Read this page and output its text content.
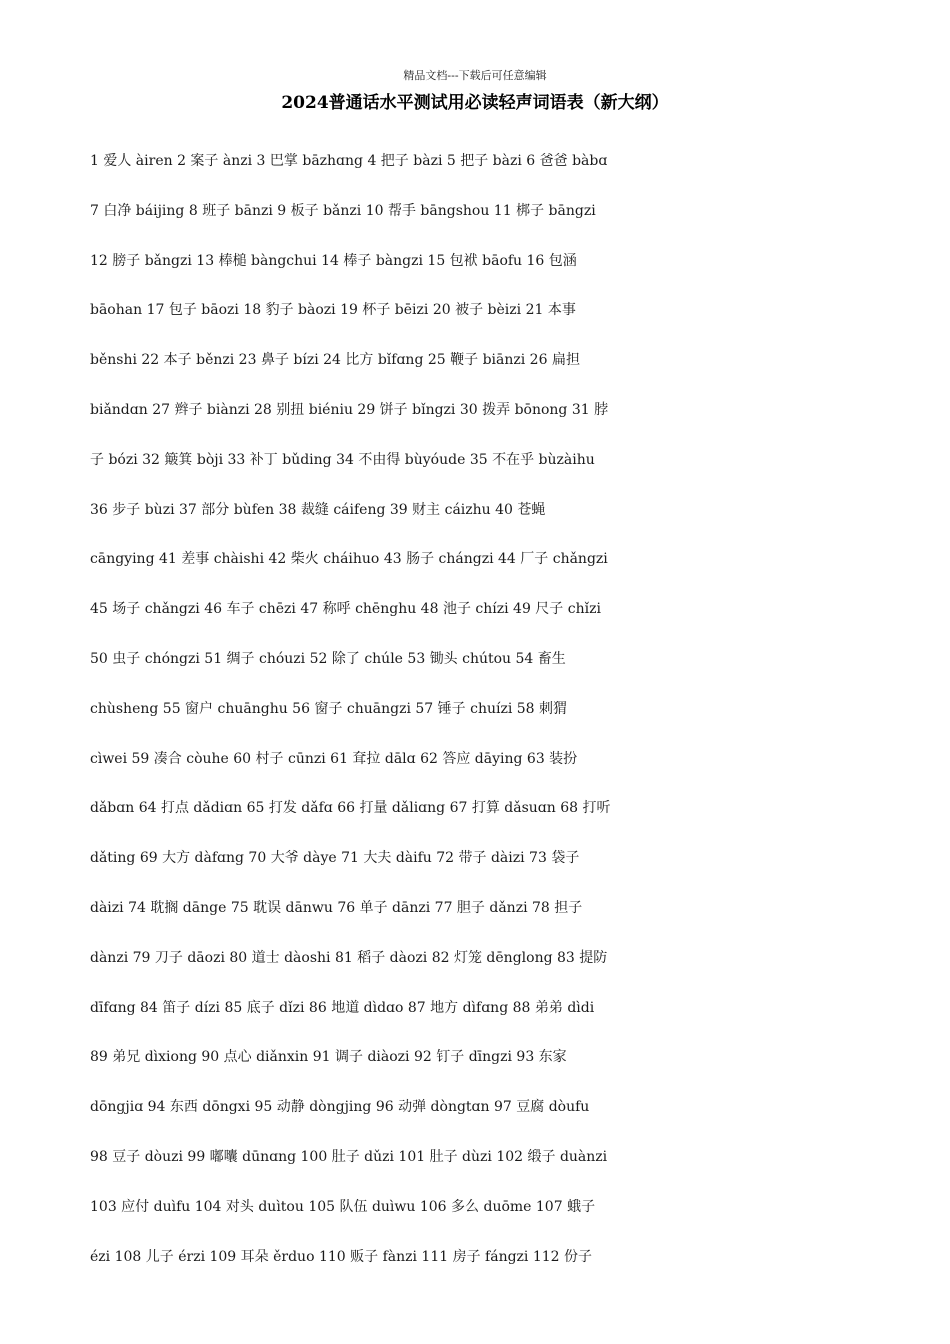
精品文档---下载后可任意编辑
2024普通话水平测试用必读轻声词语表（新大纲）
1 爱人 àiren 2 案子 ànzi 3 巴掌 bāzhɑng 4 把子 bàzi 5 把子 bàzi 6 爸爸 bàbɑ
7 白净 báijing 8 班子 bānzi 9 板子 bǎnzi 10 帮手 bāngshou 11 梆子 bāngzi
12 膀子 bǎngzi 13 棒槌 bàngchui 14 棒子 bàngzi 15 包袱 bāofu 16 包涵
bāohan 17 包子 bāozi 18 豹子 bàozi 19 杯子 bēizi 20 被子 bèizi 21 本事
běnshi 22 本子 běnzi 23 鼻子 bízi 24 比方 bǐfɑng 25 鞭子 biānzi 26 扁担
biǎndɑn 27 辫子 biànzi 28 别扭 biéniu 29 饼子 bǐngzi 30 拨弄 bōnong 31 脖
子 bózi 32 簸箕 bòji 33 补丁 bǔding 34 不由得 bùyóude 35 不在乎 bùzàihu
36 步子 bùzi 37 部分 bùfen 38 裁缝 cáifeng 39 财主 cáizhu 40 苍蝇
cāngying 41 差事 chàishi 42 柴火 cháihuo 43 肠子 chángzi 44 厂子 chǎngzi
45 场子 chǎngzi 46 车子 chēzi 47 称呼 chēnghu 48 池子 chízi 49 尺子 chǐzi
50 虫子 chóngzi 51 绸子 chóuzi 52 除了 chúle 53 锄头 chútou 54 畜生
chùsheng 55 窗户 chuānghu 56 窗子 chuāngzi 57 锤子 chuízi 58 刺猬
cìwei 59 凑合 còuhe 60 村子 cūnzi 61 耷拉 dālɑ 62 答应 dāying 63 装扮
dǎbɑn 64 打点 dǎdiɑn 65 打发 dǎfɑ 66 打量 dǎliɑng 67 打算 dǎsuɑn 68 打听
dǎting 69 大方 dàfɑng 70 大爷 dàye 71 大夫 dàifu 72 带子 dàizi 73 袋子
dàizi 74 耽搁 dānge 75 耽误 dānwu 76 单子 dānzi 77 胆子 dǎnzi 78 担子
dànzi 79 刀子 dāozi 80 道士 dàoshi 81 稻子 dàozi 82 灯笼 dēnglong 83 提防
dīfɑng 84 笛子 dízi 85 底子 dǐzi 86 地道 dìdɑo 87 地方 dìfɑng 88 弟弟 dìdi
89 弟兄 dìxiong 90 点心 diǎnxin 91 调子 diàozi 92 钉子 dīngzi 93 东家
dōngjiɑ 94 东西 dōngxi 95 动静 dòngjing 96 动弹 dòngtɑn 97 豆腐 dòufu
98 豆子 dòuzi 99 嘟囔 dūnɑng 100 肚子 dǔzi 101 肚子 dùzi 102 缎子 duànzi
103 应付 duìfu 104 对头 duìtou 105 队伍 duìwu 106 多么 duōme 107 蛾子
ézi 108 儿子 érzi 109 耳朵 ěrduo 110 贩子 fànzi 111 房子 fángzi 112 份子
